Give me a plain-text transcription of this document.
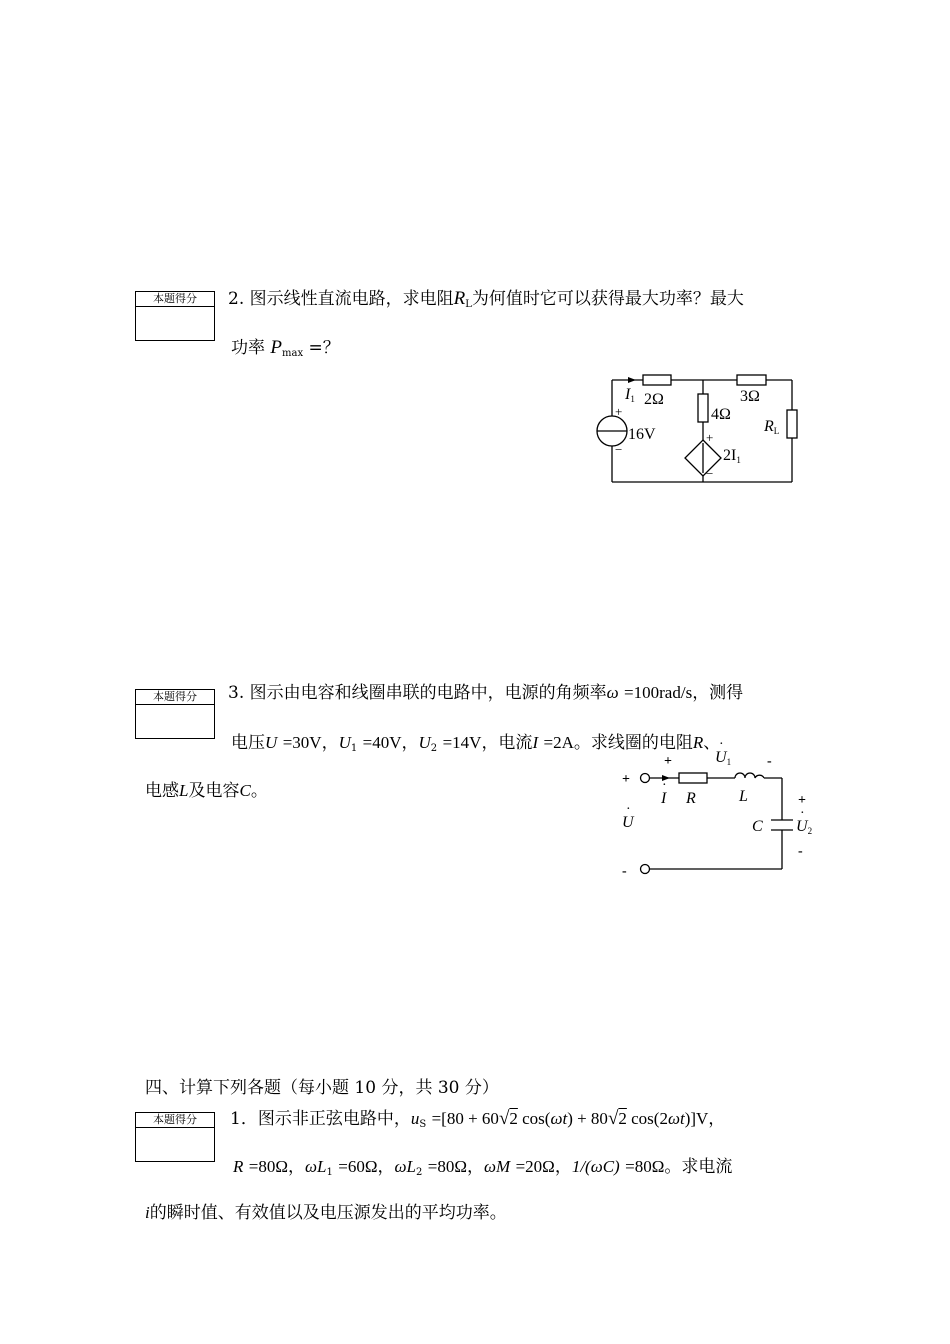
本题得分	2. 图示线性直流电路，求电阻$R_L$为何值时它可以获得最大功率？最大
功率 $P_{max}$ =？
I1 2Ω	3Ω
4Ω
16V
+
−
+
−
2I1
RL
本题得分	3. 图示由电容和线圈串联的电路中，电源的角频率ω =100rad/s，测得
电压U =30V，$U_1 =40V$，$U_2 =14V$，电流I =2A。求线圈的电阻R、
电感L及电容C。
+
-
U
·
I
·
R	L
+	-
U1
·
C
+
-
U2
·
四、计算下列各题（每小题 10 分，共 30 分）
本题得分	1．图示非正弦电路中，$u_S =[80 + 60√2$ cos(ωt) + 80√2 cos(2ωt)]V，
R =80Ω，$\omega L_1 =60\Omega$，$\omega L_2 =80\Omega$，ωM =20Ω，1/(ωC) =80Ω。求电流
i的瞬时值、有效值以及电压源发出的平均功率。
